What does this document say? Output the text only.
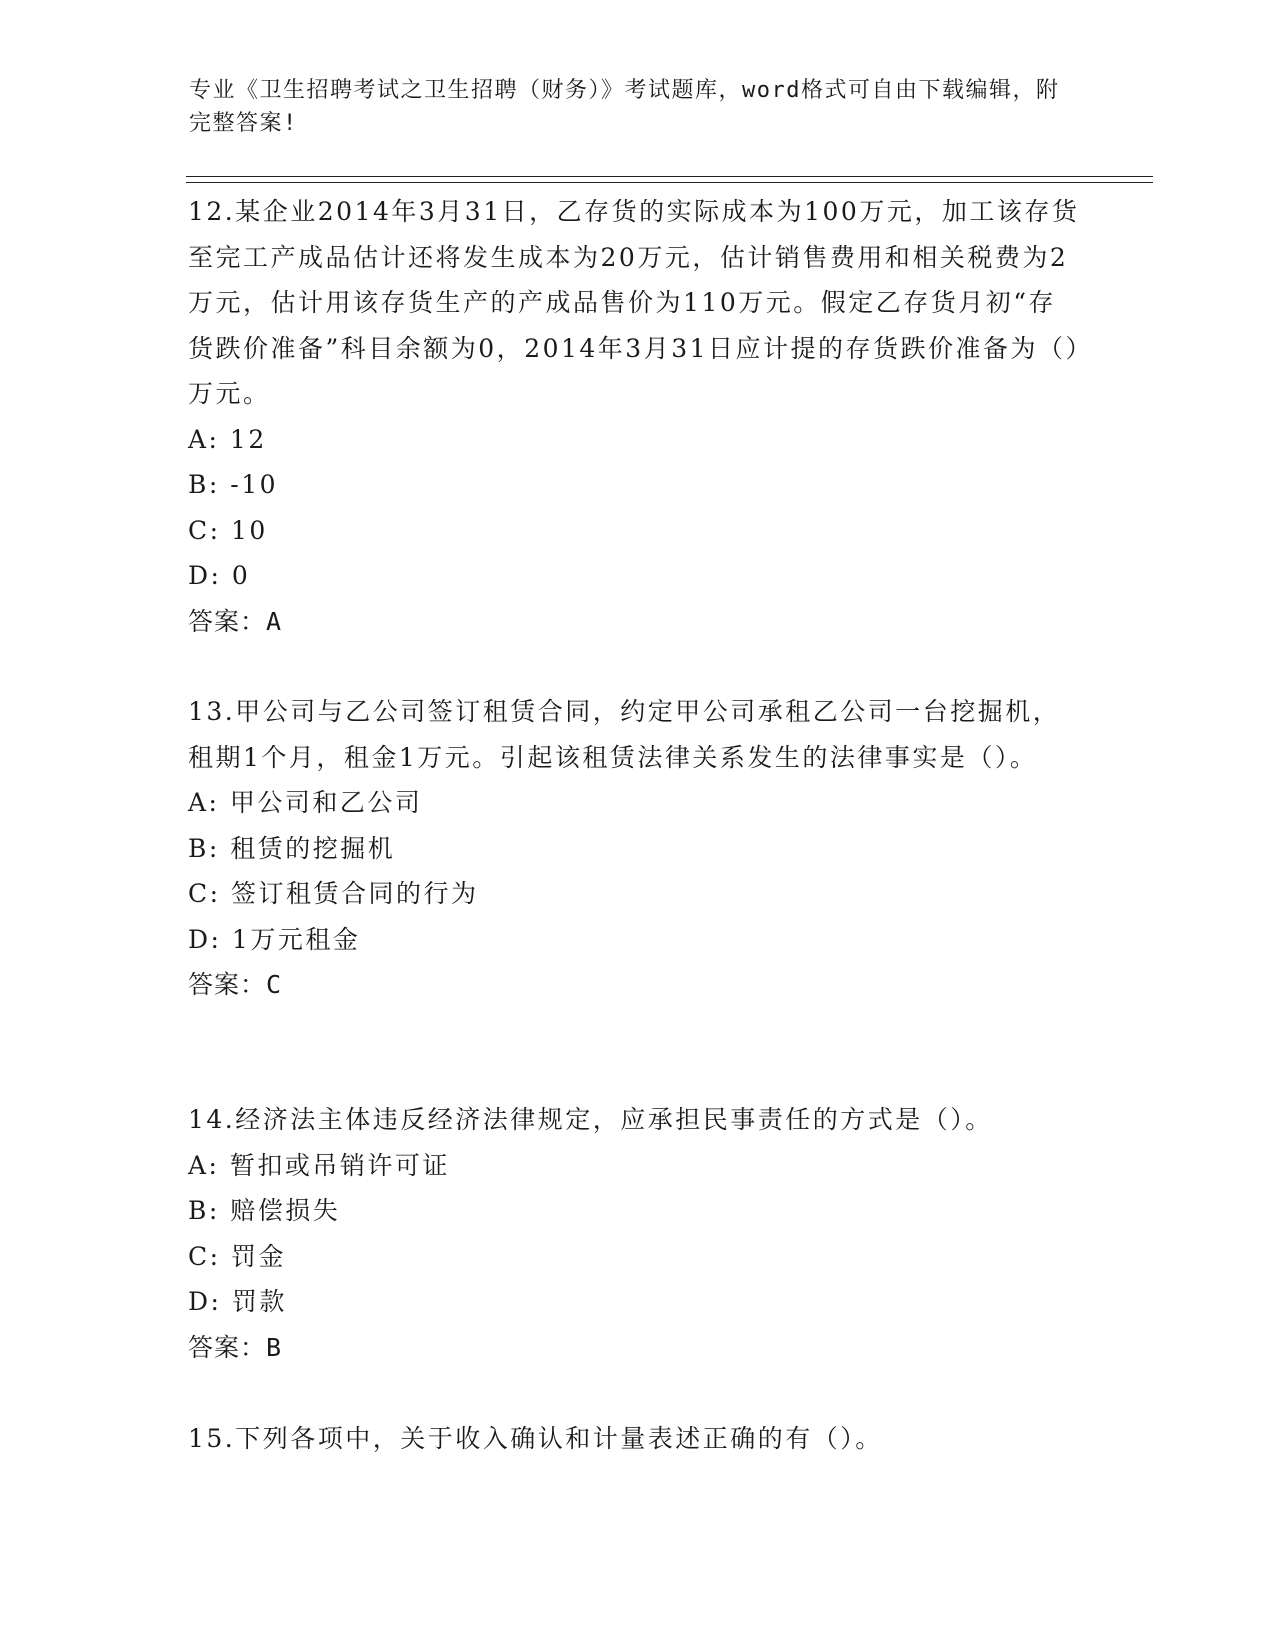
专业《卫生招聘考试之卫生招聘（财务）》考试题库，word格式可自由下载编辑，附完整答案!

12.某企业2014年3月31日，乙存货的实际成本为100万元，加工该存货至完工产成品估计还将发生成本为20万元，估计销售费用和相关税费为2万元，估计用该存货生产的产成品售价为110万元。假定乙存货月初“存货跌价准备”科目余额为0，2014年3月31日应计提的存货跌价准备为（）万元。

A: 12
B: -10
C: 10
D: 0
答案：A

13.甲公司与乙公司签订租赁合同，约定甲公司承租乙公司一台挖掘机，租期1个月，租金1万元。引起该租赁法律关系发生的法律事实是（）。

A: 甲公司和乙公司
B: 租赁的挖掘机
C: 签订租赁合同的行为
D: 1万元租金
答案：C

14.经济法主体违反经济法律规定，应承担民事责任的方式是（）。

A: 暂扣或吊销许可证
B: 赔偿损失
C: 罚金
D: 罚款
答案：B

15.下列各项中，关于收入确认和计量表述正确的有（）。
